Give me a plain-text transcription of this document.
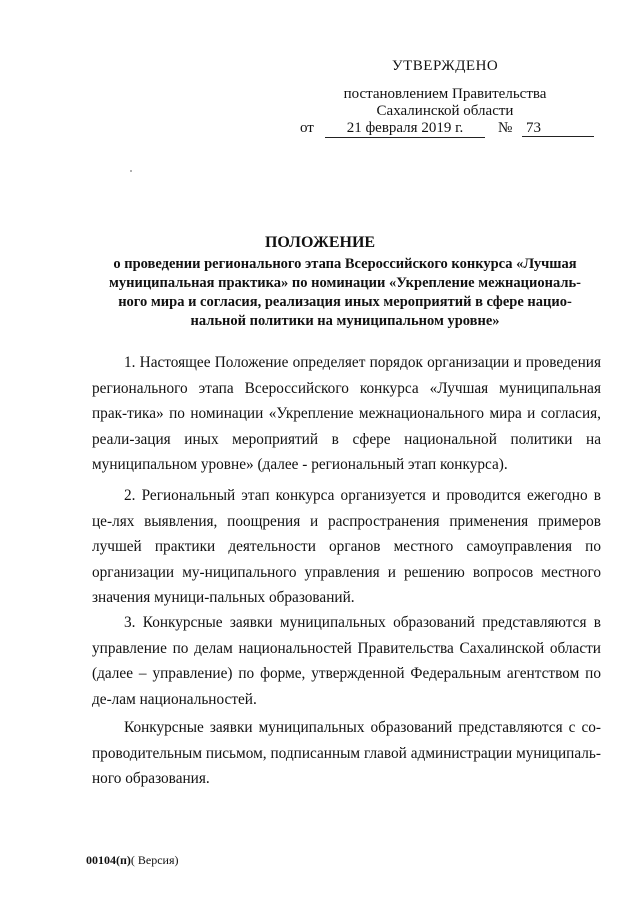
УТВЕРЖДЕНО
постановлением Правительства
Сахалинской области
от	21 февраля 2019 г.	№ 73
ПОЛОЖЕНИЕ
о проведении регионального этапа Всероссийского конкурса «Лучшая муниципальная практика» по номинации «Укрепление межнациональ-ного мира и согласия, реализация иных мероприятий в сфере нацио-нальной политики на муниципальном уровне»

1. Настоящее Положение определяет порядок организации и проведения регионального этапа Всероссийского конкурса «Лучшая муниципальная прак-тика» по номинации «Укрепление межнационального мира и согласия, реали-зация иных мероприятий в сфере национальной политики на муниципальном уровне» (далее - региональный этап конкурса).

2. Региональный этап конкурса организуется и проводится ежегодно в це-лях выявления, поощрения и распространения применения примеров лучшей практики деятельности органов местного самоуправления по организации му-ниципального управления и решению вопросов местного значения муници-пальных образований.

3. Конкурсные заявки муниципальных образований представляются в управление по делам национальностей Правительства Сахалинской области (далее – управление) по форме, утвержденной Федеральным агентством по де-лам национальностей.

Конкурсные заявки муниципальных образований представляются с со-проводительным письмом, подписанным главой администрации муниципаль-ного образования.

00104(п)( Версия)
